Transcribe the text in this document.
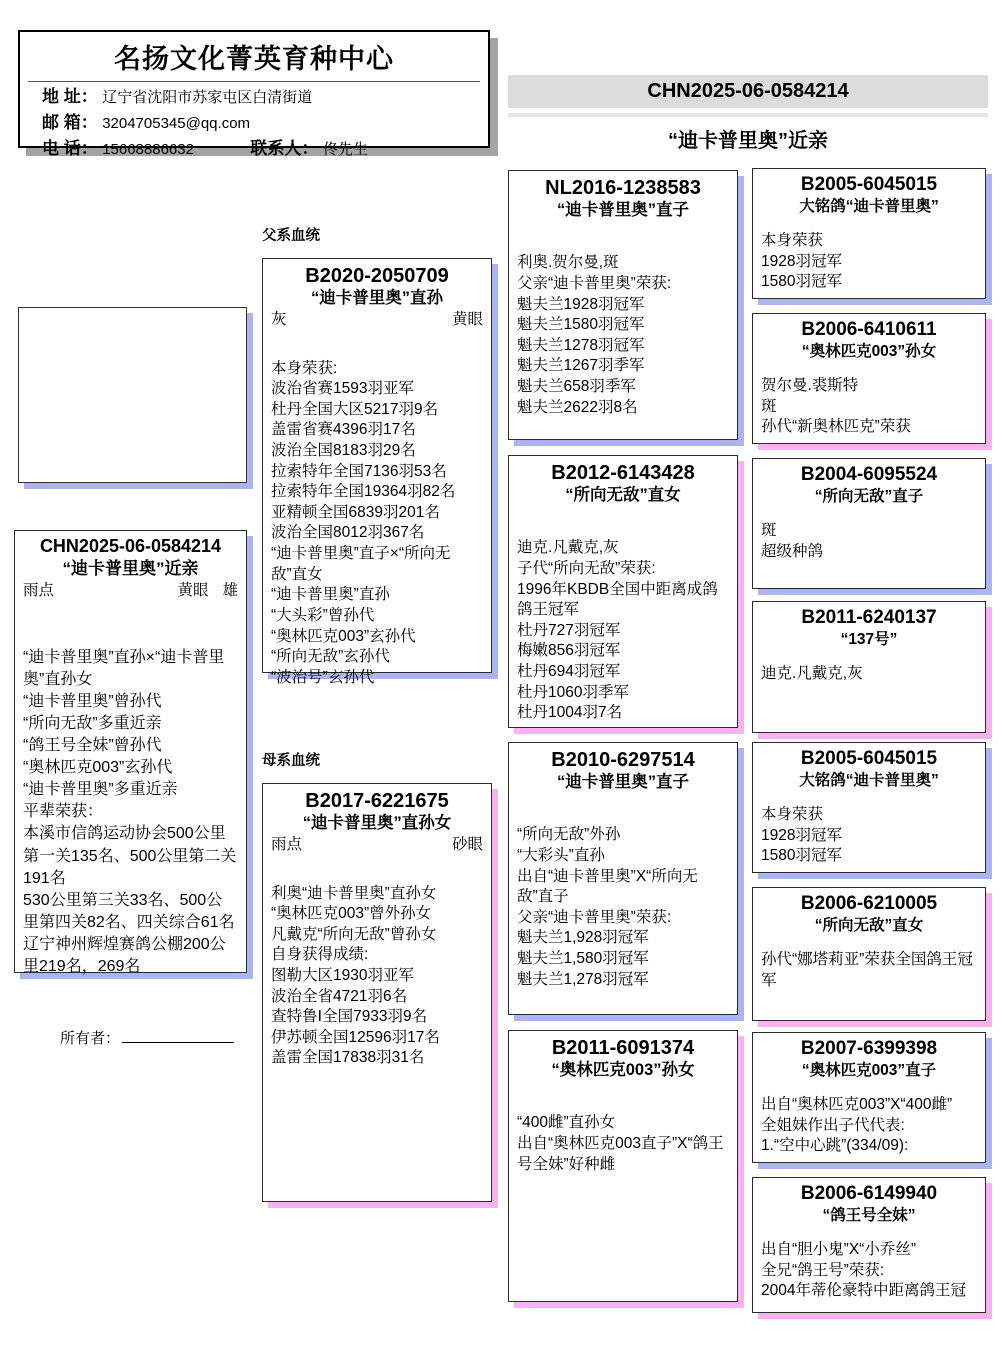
名扬文化菁英育种中心
地 址： 辽宁省沈阳市苏家屯区白清街道
邮 箱： 3204705345@qq.com
电 话： 15668886632	联系人： 佟先生
CHN2025-06-0584214
“迪卡普里奥”近亲
CHN2025-06-0584214
“迪卡普里奥”近亲
雨点	黄眼 雄
“迪卡普里奥”直孙×“迪卡普里奥”直孙女
“迪卡普里奥”曾孙代
“所向无敌”多重近亲
“鸽王号全妹”曾孙代
“奥林匹克003”玄孙代
“迪卡普里奥”多重近亲
平辈荣获：
本溪市信鸽运动协会500公里第一关135名、500公里第二关191名
530公里第三关33名、500公里第四关82名、四关综合61名
辽宁神州辉煌赛鸽公棚200公里219名，269名
所有者：
父系血统
B2020-2050709
“迪卡普里奥”直孙
灰	黄眼
本身荣获:
波治省赛1593羽亚军
杜丹全国大区5217羽9名
盖雷省赛4396羽17名
波治全国8183羽29名
拉索特年全国7136羽53名
拉索特年全国19364羽82名
亚精顿全国6839羽201名
波治全国8012羽367名
“迪卡普里奥”直子×“所向无敌”直女
“迪卡普里奥”直孙
“大头彩”曾孙代
“奥林匹克003”玄孙代
“所向无敌”玄孙代
“波治号”玄孙代
母系血统
B2017-6221675
“迪卡普里奥”直孙女
雨点	砂眼
利奥“迪卡普里奥”直孙女
“奥林匹克003”曾外孙女
凡戴克“所向无敌”曾孙女
自身获得成绩:
图勒大区1930羽亚军
波治全省4721羽6名
查特鲁Ⅰ全国7933羽9名
伊苏顿全国12596羽17名
盖雷全国17838羽31名
NL2016-1238583
“迪卡普里奥”直子
利奥.贺尔曼,斑
父亲“迪卡普里奥”荣获:
魁夫兰1928羽冠军
魁夫兰1580羽冠军
魁夫兰1278羽冠军
魁夫兰1267羽季军
魁夫兰658羽季军
魁夫兰2622羽8名
B2012-6143428
“所向无敌”直女
迪克.凡戴克,灰
子代“所向无敌”荣获:
1996年KBDB全国中距离成鸽鸽王冠军
杜丹727羽冠军
梅嫩856羽冠军
杜丹694羽冠军
杜丹1060羽季军
杜丹1004羽7名
B2010-6297514
“迪卡普里奥”直子
“所向无敌”外孙
“大彩头”直孙
出自“迪卡普里奥”X“所向无敌”直子
父亲“迪卡普里奥”荣获:
魁夫兰1,928羽冠军
魁夫兰1,580羽冠军
魁夫兰1,278羽冠军
B2011-6091374
“奥林匹克003”孙女
“400雌”直孙女
出自“奥林匹克003直子”X“鸽王号全妹”好种雌
B2005-6045015
大铭鸽“迪卡普里奥”
本身荣获
1928羽冠军
1580羽冠军
B2006-6410611
“奥林匹克003”孙女
贺尔曼.裘斯特
斑
孙代“新奥林匹克”荣获
B2004-6095524
“所向无敌”直子
斑
超级种鸽
B2011-6240137
“137号”
迪克.凡戴克,灰
B2005-6045015
大铭鸽“迪卡普里奥”
本身荣获
1928羽冠军
1580羽冠军
B2006-6210005
“所向无敌”直女
孙代“娜塔莉亚”荣获全国鸽王冠军
B2007-6399398
“奥林匹克003”直子
出自“奥林匹克003”X“400雌”
全姐妹作出子代代表:
1.“空中心跳”(334/09):
B2006-6149940
“鸽王号全妹”
出自“胆小鬼”X“小乔丝”
全兄“鸽王号”荣获:
2004年蒂伦豪特中距离鸽王冠
